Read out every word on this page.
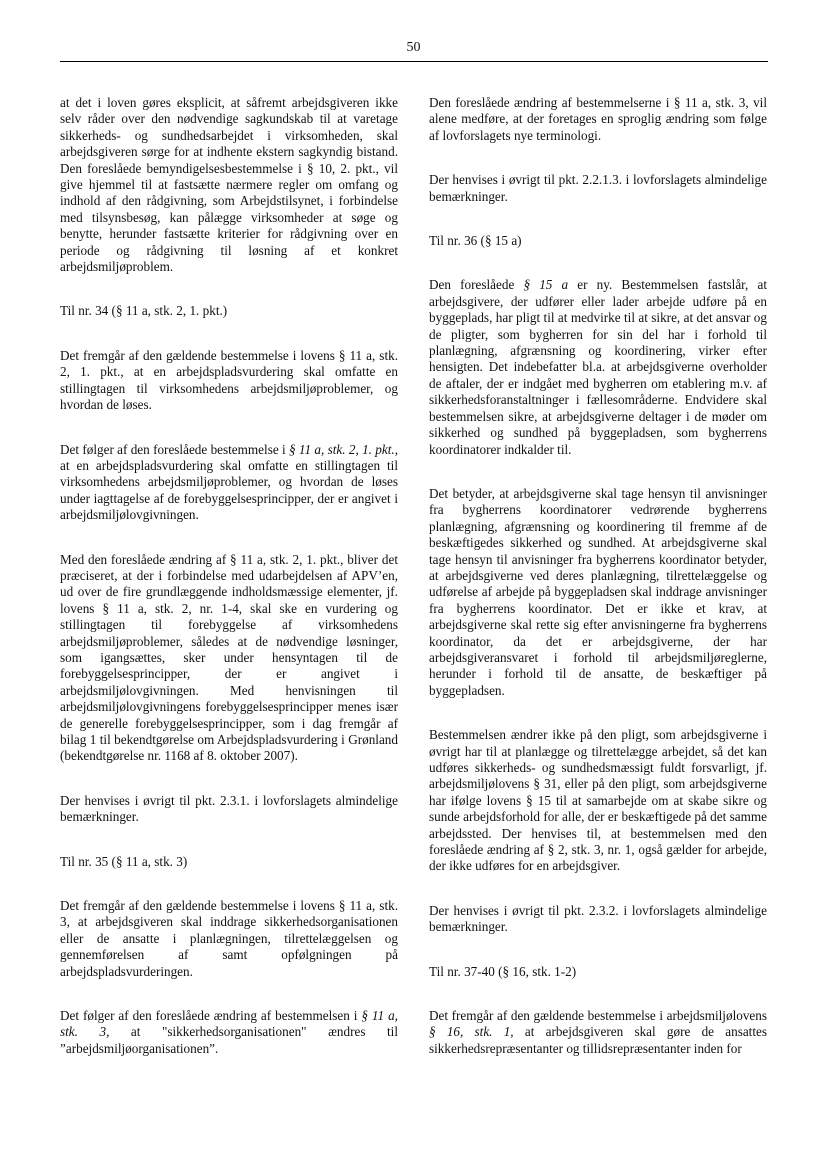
50

at det i loven gøres eksplicit, at såfremt arbejdsgiveren ikke selv råder over den nødvendige sagkundskab til at varetage sikkerheds- og sundhedsarbejdet i virksomheden, skal arbejdsgiveren sørge for at indhente ekstern sagkyndig bistand. Den foreslåede bemyndigelsesbestemmelse i § 10, 2. pkt., vil give hjemmel til at fastsætte nærmere regler om omfang og indhold af den rådgivning, som Arbejdstilsynet, i forbindelse med tilsynsbesøg, kan pålægge virksomheder at søge og benytte, herunder fastsætte kriterier for rådgivning over en periode og rådgivning til løsning af et konkret arbejdsmiljøproblem.

Til nr. 34 (§ 11 a, stk. 2, 1. pkt.)

Det fremgår af den gældende bestemmelse i lovens § 11 a, stk. 2, 1. pkt., at en arbejdspladsvurdering skal omfatte en stillingtagen til virksomhedens arbejdsmiljøproblemer, og hvordan de løses.

Det følger af den foreslåede bestemmelse i § 11 a, stk. 2, 1. pkt., at en arbejdspladsvurdering skal omfatte en stillingtagen til virksomhedens arbejdsmiljøproblemer, og hvordan de løses under iagttagelse af de forebyggelsesprincipper, der er angivet i arbejdsmiljølovgivningen.

Med den foreslåede ændring af § 11 a, stk. 2, 1. pkt., bliver det præciseret, at der i forbindelse med udarbejdelsen af APV’en, ud over de fire grundlæggende indholdsmæssige elementer, jf. lovens § 11 a, stk. 2, nr. 1-4, skal ske en vurdering og stillingtagen til forebyggelse af virksomhedens arbejdsmiljøproblemer, således at de nødvendige løsninger, som igangsættes, sker under hensyntagen til de forebyggelsesprincipper, der er angivet i arbejdsmiljølovgivningen. Med henvisningen til arbejdsmiljølovgivningens forebyggelsesprincipper menes især de generelle forebyggelsesprincipper, som i dag fremgår af bilag 1 til bekendtgørelse om Arbejdspladsvurdering i Grønland (bekendtgørelse nr. 1168 af 8. oktober 2007).

Der henvises i øvrigt til pkt. 2.3.1. i lovforslagets almindelige bemærkninger.

Til nr. 35 (§ 11 a, stk. 3)

Det fremgår af den gældende bestemmelse i lovens § 11 a, stk. 3, at arbejdsgiveren skal inddrage sikkerhedsorganisationen eller de ansatte i planlægningen, tilrettelæggelsen og gennemførelsen af samt opfølgningen på arbejdspladsvurderingen.

Det følger af den foreslåede ændring af bestemmelsen i § 11 a, stk. 3, at "sikkerhedsorganisationen" ændres til ”arbejdsmiljøorganisationen”.

Den foreslåede ændring af bestemmelserne i § 11 a, stk. 3, vil alene medføre, at der foretages en sproglig ændring som følge af lovforslagets nye terminologi.

Der henvises i øvrigt til pkt. 2.2.1.3. i lovforslagets almindelige bemærkninger.

Til nr. 36 (§ 15 a)

Den foreslåede § 15 a er ny. Bestemmelsen fastslår, at arbejdsgivere, der udfører eller lader arbejde udføre på en byggeplads, har pligt til at medvirke til at sikre, at det ansvar og de pligter, som bygherren for sin del har i forhold til planlægning, afgrænsning og koordinering, virker efter hensigten. Det indebefatter bl.a. at arbejdsgiverne overholder de aftaler, der er indgået med bygherren om etablering m.v. af sikkerhedsforanstaltninger i fællesområderne. Endvidere skal bestemmelsen sikre, at arbejdsgiverne deltager i de møder om sikkerhed og sundhed på byggepladsen, som bygherrens koordinatorer indkalder til.

Det betyder, at arbejdsgiverne skal tage hensyn til anvisninger fra bygherrens koordinatorer vedrørende bygherrens planlægning, afgrænsning og koordinering til fremme af de beskæftigedes sikkerhed og sundhed. At arbejdsgiverne skal tage hensyn til anvisninger fra bygherrens koordinator betyder, at arbejdsgiverne ved deres planlægning, tilrettelæggelse og udførelse af arbejde på byggepladsen skal inddrage anvisninger fra bygherrens koordinator. Det er ikke et krav, at arbejdsgiverne skal rette sig efter anvisningerne fra bygherrens koordinator, da det er arbejdsgiverne, der har arbejdsgiveransvaret i forhold til arbejdsmiljøreglerne, herunder i forhold til de ansatte, de beskæftiger på byggepladsen.

Bestemmelsen ændrer ikke på den pligt, som arbejdsgiverne i øvrigt har til at planlægge og tilrettelægge arbejdet, så det kan udføres sikkerheds- og sundhedsmæssigt fuldt forsvarligt, jf. arbejdsmiljølovens § 31, eller på den pligt, som arbejdsgiverne har ifølge lovens § 15 til at samarbejde om at skabe sikre og sunde arbejdsforhold for alle, der er beskæftigede på det samme arbejdssted. Der henvises til, at bestemmelsen med den foreslåede ændring af § 2, stk. 3, nr. 1, også gælder for arbejde, der ikke udføres for en arbejdsgiver.

Der henvises i øvrigt til pkt. 2.3.2. i lovforslagets almindelige bemærkninger.

Til nr. 37-40 (§ 16, stk. 1-2)

Det fremgår af den gældende bestemmelse i arbejdsmiljølovens § 16, stk. 1, at arbejdsgiveren skal gøre de ansattes sikkerhedsrepræsentanter og tillidsrepræsentanter inden for
